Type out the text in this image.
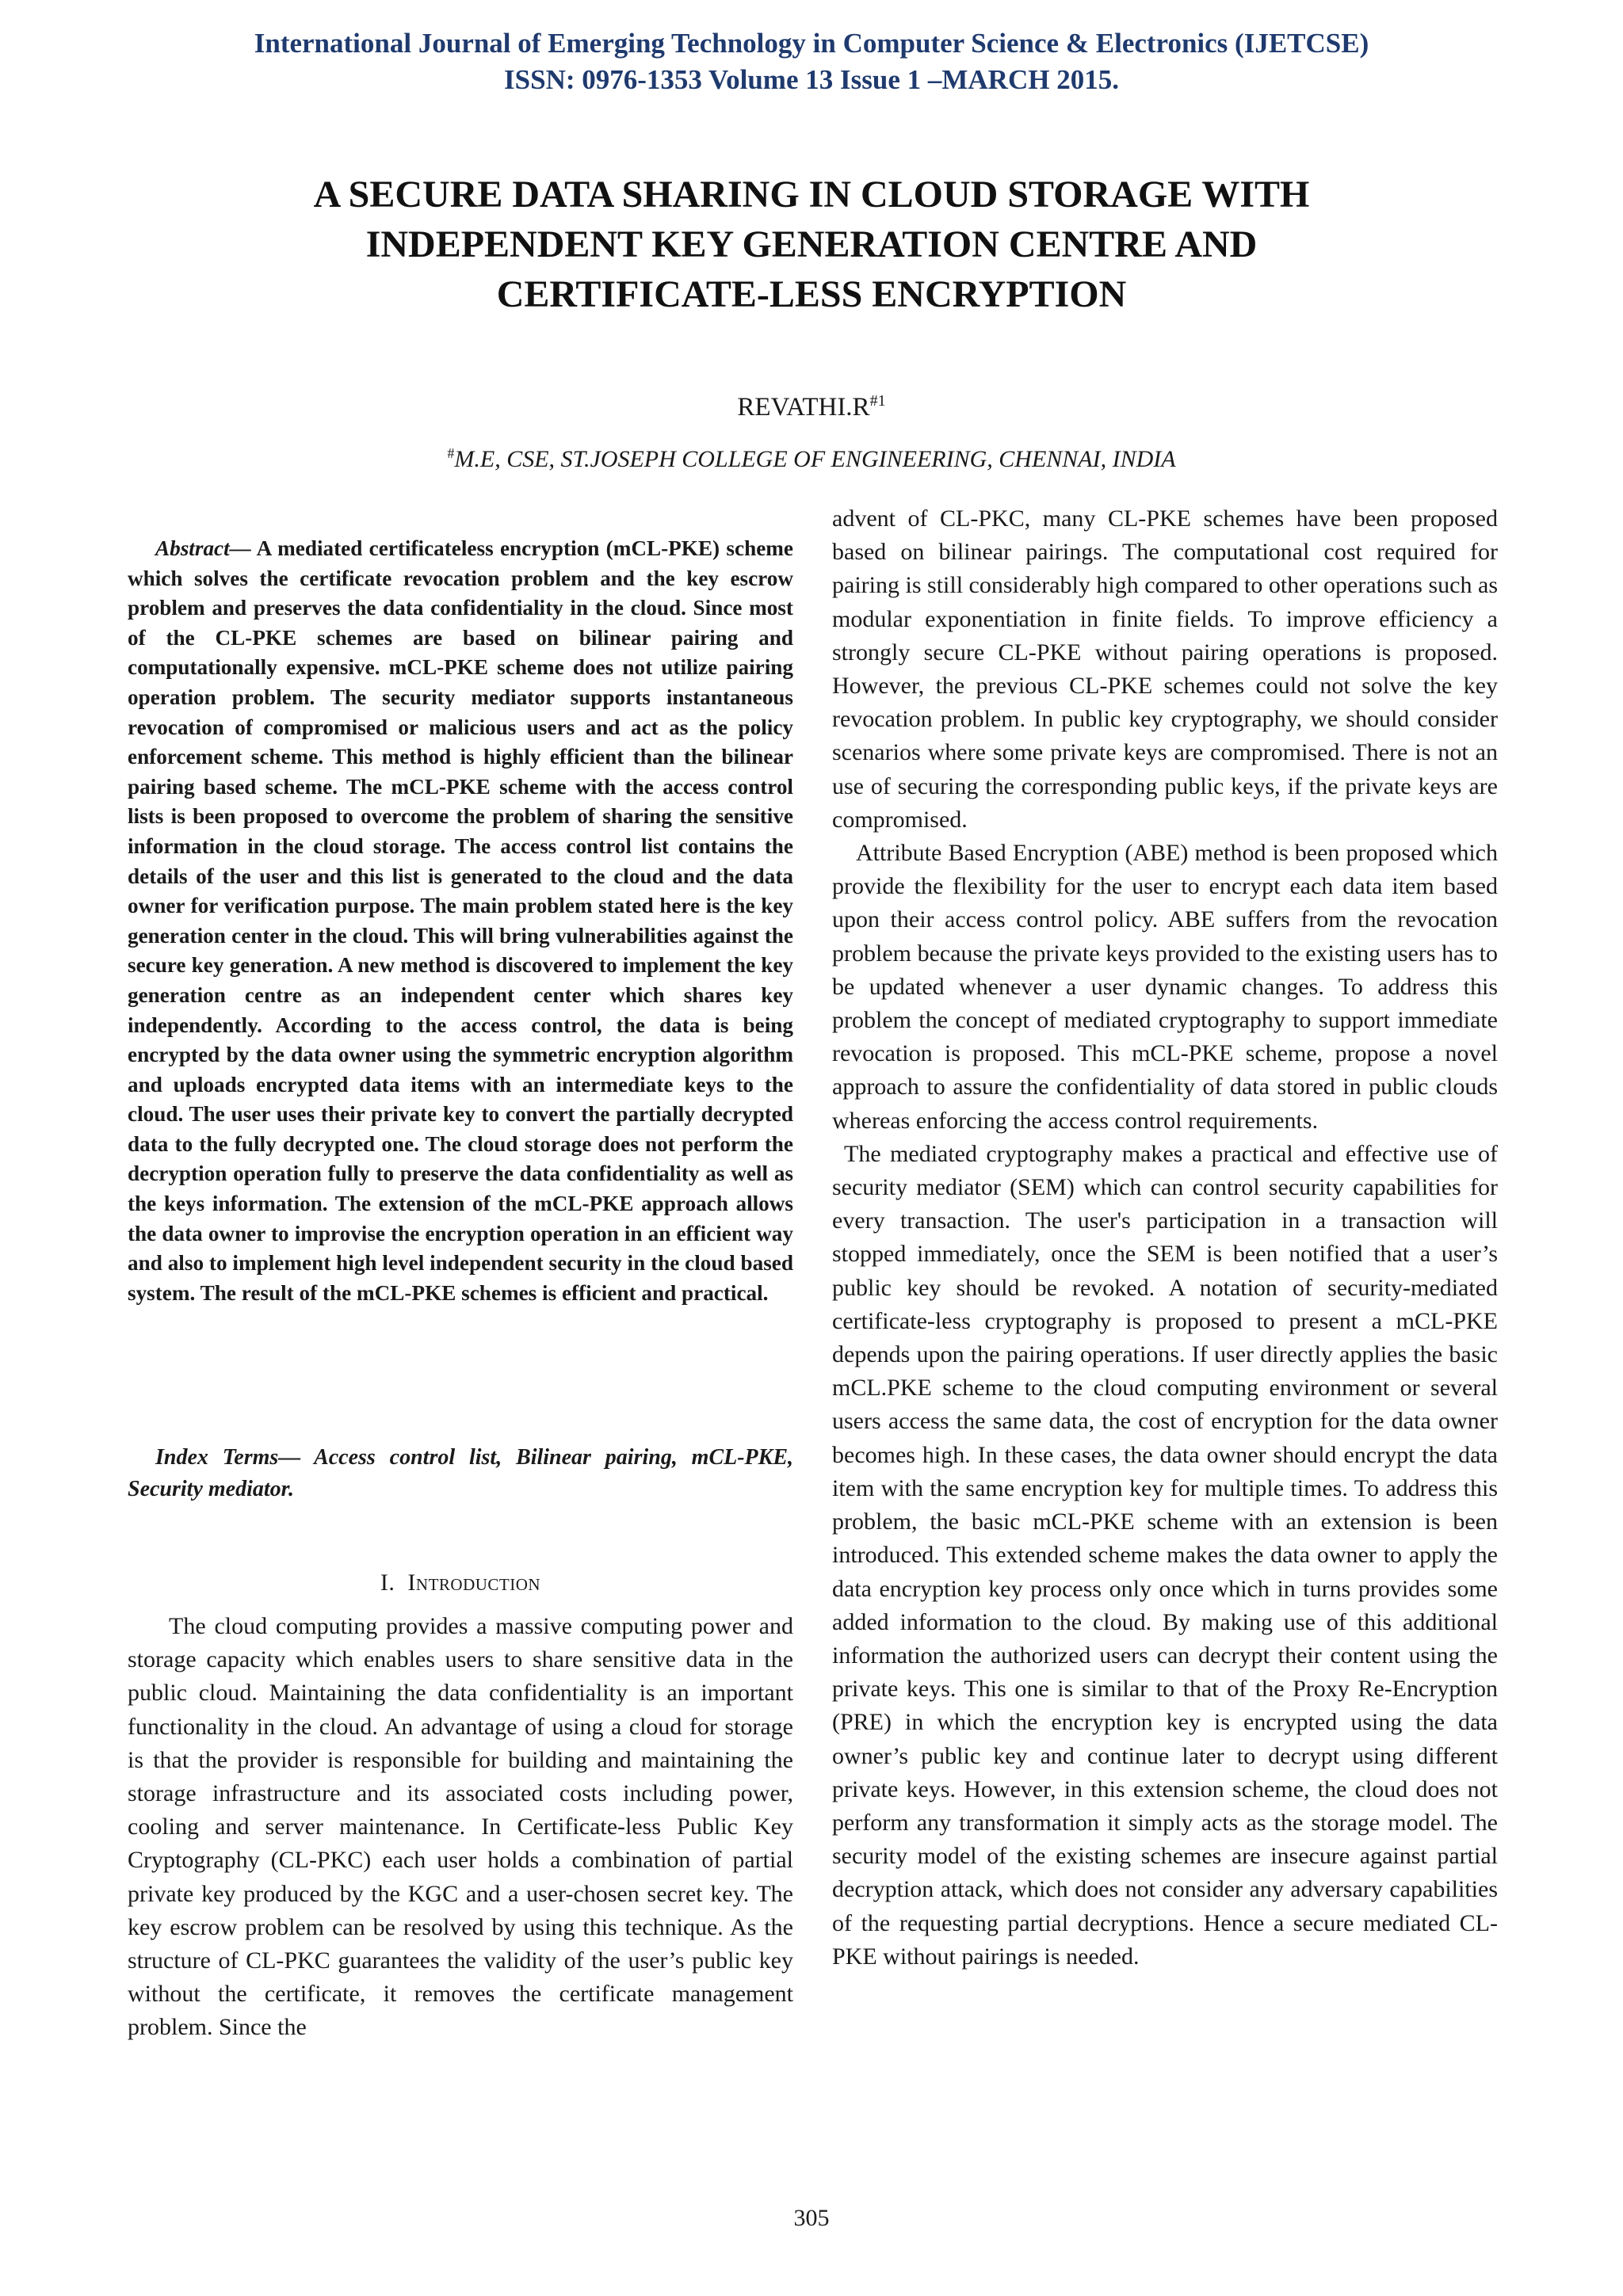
International Journal of Emerging Technology in Computer Science & Electronics (IJETCSE)
ISSN: 0976-1353 Volume 13 Issue 1 –MARCH 2015.
A SECURE DATA SHARING IN CLOUD STORAGE WITH
INDEPENDENT KEY GENERATION CENTRE AND
CERTIFICATE-LESS ENCRYPTION
$REVATHI.R^{\#1}$
#M.E, CSE, ST.JOSEPH COLLEGE OF ENGINEERING, CHENNAI, INDIA

Abstract— A mediated certificateless encryption (mCL-PKE) scheme which solves the certificate revocation problem and the key escrow problem and preserves the data confidentiality in the cloud. Since most of the CL-PKE schemes are based on bilinear pairing and computationally expensive. mCL-PKE scheme does not utilize pairing operation problem. The security mediator supports instantaneous revocation of compromised or malicious users and act as the policy enforcement scheme. This method is highly efficient than the bilinear pairing based scheme. The mCL-PKE scheme with the access control lists is been proposed to overcome the problem of sharing the sensitive information in the cloud storage. The access control list contains the details of the user and this list is generated to the cloud and the data owner for verification purpose. The main problem stated here is the key generation center in the cloud. This will bring vulnerabilities against the secure key generation. A new method is discovered to implement the key generation centre as an independent center which shares key independently. According to the access control, the data is being encrypted by the data owner using the symmetric encryption algorithm and uploads encrypted data items with an intermediate keys to the cloud. The user uses their private key to convert the partially decrypted data to the fully decrypted one. The cloud storage does not perform the decryption operation fully to preserve the data confidentiality as well as the keys information. The extension of the mCL-PKE approach allows the data owner to improvise the encryption operation in an efficient way and also to implement high level independent security in the cloud based system. The result of the mCL-PKE schemes is efficient and practical.

Index Terms— Access control list, Bilinear pairing, mCL-PKE, Security mediator.

I. Introduction

The cloud computing provides a massive computing power and storage capacity which enables users to share sensitive data in the public cloud. Maintaining the data confidentiality is an important functionality in the cloud. An advantage of using a cloud for storage is that the provider is responsible for building and maintaining the storage infrastructure and its associated costs including power, cooling and server maintenance. In Certificate-less Public Key Cryptography (CL-PKC) each user holds a combination of partial private key produced by the KGC and a user-chosen secret key. The key escrow problem can be resolved by using this technique. As the structure of CL-PKC guarantees the validity of the user’s public key without the certificate, it removes the certificate management problem. Since the

advent of CL-PKC, many CL-PKE schemes have been proposed based on bilinear pairings. The computational cost required for pairing is still considerably high compared to other operations such as modular exponentiation in finite fields. To improve efficiency a strongly secure CL-PKE without pairing operations is proposed. However, the previous CL-PKE schemes could not solve the key revocation problem. In public key cryptography, we should consider scenarios where some private keys are compromised. There is not an use of securing the corresponding public keys, if the private keys are compromised.

Attribute Based Encryption (ABE) method is been proposed which provide the flexibility for the user to encrypt each data item based upon their access control policy. ABE suffers from the revocation problem because the private keys provided to the existing users has to be updated whenever a user dynamic changes. To address this problem the concept of mediated cryptography to support immediate revocation is proposed. This mCL-PKE scheme, propose a novel approach to assure the confidentiality of data stored in public clouds whereas enforcing the access control requirements.

The mediated cryptography makes a practical and effective use of security mediator (SEM) which can control security capabilities for every transaction. The user's participation in a transaction will stopped immediately, once the SEM is been notified that a user’s public key should be revoked. A notation of security-mediated certificate-less cryptography is proposed to present a mCL-PKE depends upon the pairing operations. If user directly applies the basic mCL.PKE scheme to the cloud computing environment or several users access the same data, the cost of encryption for the data owner becomes high. In these cases, the data owner should encrypt the data item with the same encryption key for multiple times. To address this problem, the basic mCL-PKE scheme with an extension is been introduced. This extended scheme makes the data owner to apply the data encryption key process only once which in turns provides some added information to the cloud. By making use of this additional information the authorized users can decrypt their content using the private keys. This one is similar to that of the Proxy Re-Encryption (PRE) in which the encryption key is encrypted using the data owner’s public key and continue later to decrypt using different private keys. However, in this extension scheme, the cloud does not perform any transformation it simply acts as the storage model. The security model of the existing schemes are insecure against partial decryption attack, which does not consider any adversary capabilities of the requesting partial decryptions. Hence a secure mediated CL-PKE without pairings is needed.

305
